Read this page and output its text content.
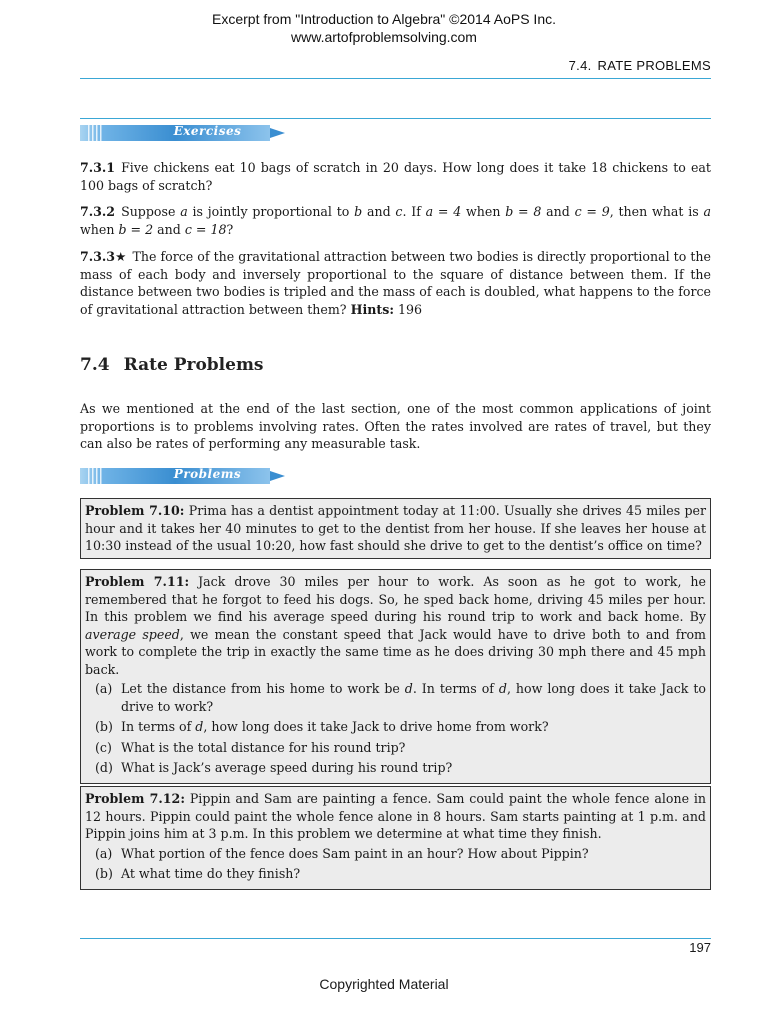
Excerpt from "Introduction to Algebra" ©2014 AoPS Inc.
www.artofproblemsolving.com
7.4. RATE PROBLEMS
Exercises
7.3.1 Five chickens eat 10 bags of scratch in 20 days. How long does it take 18 chickens to eat 100 bags of scratch?
7.3.2 Suppose a is jointly proportional to b and c. If a = 4 when b = 8 and c = 9, then what is a when b = 2 and c = 18?
7.3.3★ The force of the gravitational attraction between two bodies is directly proportional to the mass of each body and inversely proportional to the square of distance between them. If the distance between two bodies is tripled and the mass of each is doubled, what happens to the force of gravitational attraction between them? Hints: 196
7.4 Rate Problems
As we mentioned at the end of the last section, one of the most common applications of joint proportions is to problems involving rates. Often the rates involved are rates of travel, but they can also be rates of performing any measurable task.
Problems
Problem 7.10: Prima has a dentist appointment today at 11:00. Usually she drives 45 miles per hour and it takes her 40 minutes to get to the dentist from her house. If she leaves her house at 10:30 instead of the usual 10:20, how fast should she drive to get to the dentist’s office on time?
Problem 7.11: Jack drove 30 miles per hour to work. As soon as he got to work, he remembered that he forgot to feed his dogs. So, he sped back home, driving 45 miles per hour. In this problem we find his average speed during his round trip to work and back home. By average speed, we mean the constant speed that Jack would have to drive both to and from work to complete the trip in exactly the same time as he does driving 30 mph there and 45 mph back.
(a) Let the distance from his home to work be d. In terms of d, how long does it take Jack to drive to work?
(b) In terms of d, how long does it take Jack to drive home from work?
(c) What is the total distance for his round trip?
(d) What is Jack’s average speed during his round trip?
Problem 7.12: Pippin and Sam are painting a fence. Sam could paint the whole fence alone in 12 hours. Pippin could paint the whole fence alone in 8 hours. Sam starts painting at 1 p.m. and Pippin joins him at 3 p.m. In this problem we determine at what time they finish.
(a) What portion of the fence does Sam paint in an hour? How about Pippin?
(b) At what time do they finish?
197
Copyrighted Material
